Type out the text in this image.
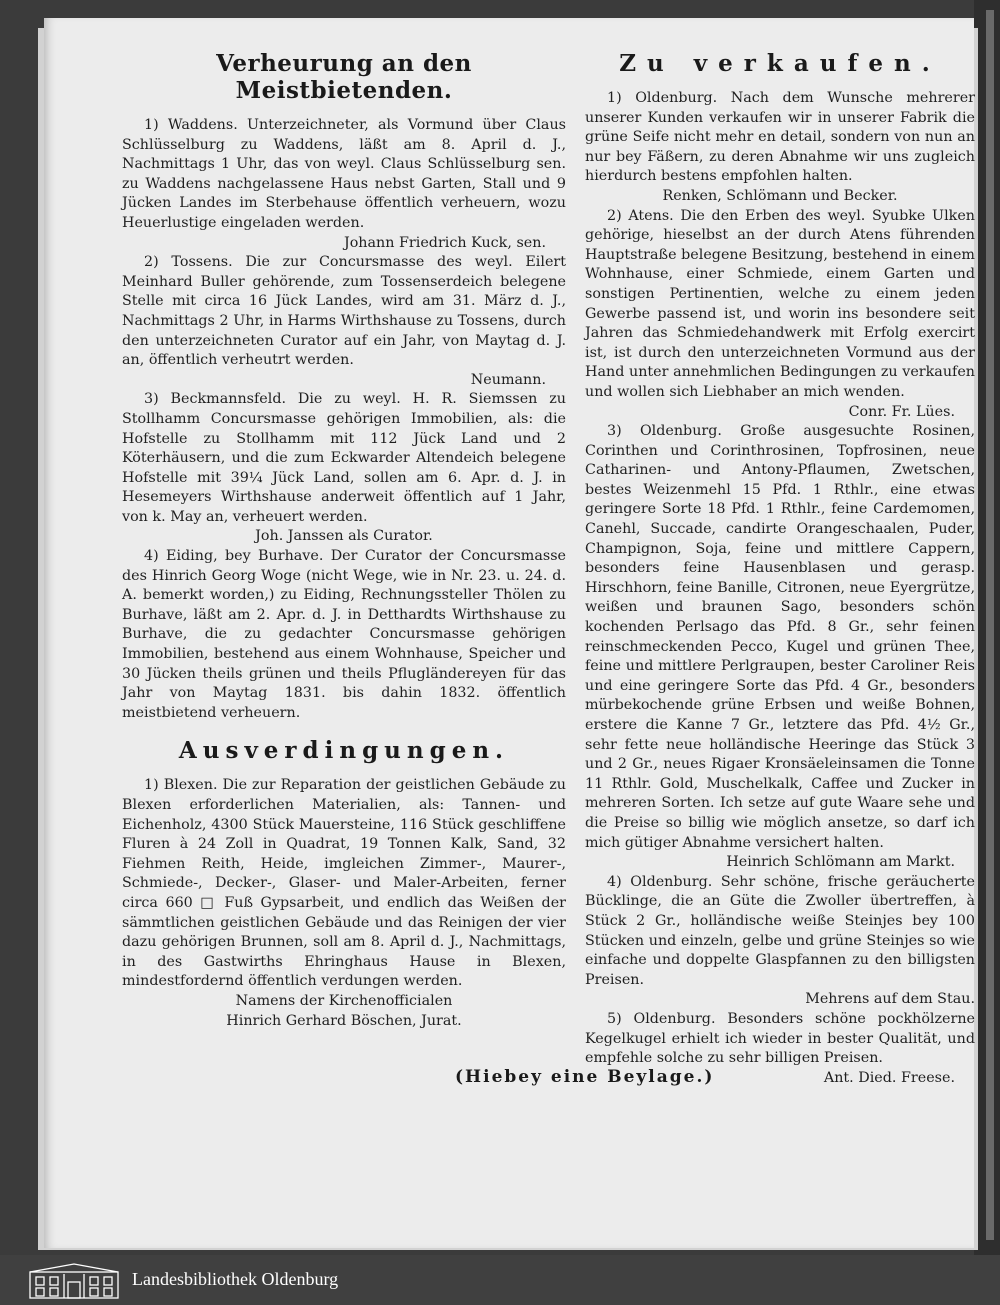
Verheurung an den Meistbietenden.

1) Waddens. Unterzeichneter, als Vormund über Claus Schlüsselburg zu Waddens, läßt am 8. April d. J., Nachmittags 1 Uhr, das von weyl. Claus Schlüsselburg sen. zu Waddens nachgelassene Haus nebst Garten, Stall und 9 Jücken Landes im Sterbehause öffentlich verheuern, wozu Heuerlustige eingeladen werden.

Johann Friedrich Kuck, sen.

2) Tossens. Die zur Concursmasse des weyl. Eilert Meinhard Buller gehörende, zum Tossenserdeich belegene Stelle mit circa 16 Jück Landes, wird am 31. März d. J., Nachmittags 2 Uhr, in Harms Wirthshause zu Tossens, durch den unterzeichneten Curator auf ein Jahr, von Maytag d. J. an, öffentlich verheutrt werden.

Neumann.

3) Beckmannsfeld. Die zu weyl. H. R. Siemssen zu Stollhamm Concursmasse gehörigen Immobilien, als: die Hofstelle zu Stollhamm mit 112 Jück Land und 2 Köterhäusern, und die zum Eckwarder Altendeich belegene Hofstelle mit 39¼ Jück Land, sollen am 6. Apr. d. J. in Hesemeyers Wirthshause anderweit öffentlich auf 1 Jahr, von k. May an, verheuert werden.

Joh. Janssen als Curator.

4) Eiding, bey Burhave. Der Curator der Concursmasse des Hinrich Georg Woge (nicht Wege, wie in Nr. 23. u. 24. d. A. bemerkt worden,) zu Eiding, Rechnungssteller Thölen zu Burhave, läßt am 2. Apr. d. J. in Detthardts Wirthshause zu Burhave, die zu gedachter Concursmasse gehörigen Immobilien, bestehend aus einem Wohnhause, Speicher und 30 Jücken theils grünen und theils Pflugländereyen für das Jahr von Maytag 1831. bis dahin 1832. öffentlich meistbietend verheuern.

Ausverdingungen.

1) Blexen. Die zur Reparation der geistlichen Gebäude zu Blexen erforderlichen Materialien, als: Tannen- und Eichenholz, 4300 Stück Mauersteine, 116 Stück geschliffene Fluren à 24 Zoll in Quadrat, 19 Tonnen Kalk, Sand, 32 Fiehmen Reith, Heide, imgleichen Zimmer-, Maurer-, Schmiede-, Decker-, Glaser- und Maler-Arbeiten, ferner circa 660 □ Fuß Gypsarbeit, und endlich das Weißen der sämmtlichen geistlichen Gebäude und das Reinigen der vier dazu gehörigen Brunnen, soll am 8. April d. J., Nachmittags, in des Gastwirths Ehringhaus Hause in Blexen, mindestfordernd öffentlich verdungen werden.

Namens der Kirchenofficialen
Hinrich Gerhard Böschen, Jurat.
Zu verkaufen.

1) Oldenburg. Nach dem Wunsche mehrerer unserer Kunden verkaufen wir in unserer Fabrik die grüne Seife nicht mehr en detail, sondern von nun an nur bey Fäßern, zu deren Abnahme wir uns zugleich hierdurch bestens empfohlen halten.

Renken, Schlömann und Becker.

2) Atens. Die den Erben des weyl. Syubke Ulken gehörige, hieselbst an der durch Atens führenden Hauptstraße belegene Besitzung, bestehend in einem Wohnhause, einer Schmiede, einem Garten und sonstigen Pertinentien, welche zu einem jeden Gewerbe passend ist, und worin ins besondere seit Jahren das Schmiedehandwerk mit Erfolg exercirt ist, ist durch den unterzeichneten Vormund aus der Hand unter annehmlichen Bedingungen zu verkaufen und wollen sich Liebhaber an mich wenden.

Conr. Fr. Lües.

3) Oldenburg. Große ausgesuchte Rosinen, Corinthen und Corinthrosinen, Topfrosinen, neue Catharinen- und Antony-Pflaumen, Zwetschen, bestes Weizenmehl 15 Pfd. 1 Rthlr., eine etwas geringere Sorte 18 Pfd. 1 Rthlr., feine Cardemomen, Canehl, Succade, candirte Orangeschaalen, Puder, Champignon, Soja, feine und mittlere Cappern, besonders feine Hausenblasen und gerasp. Hirschhorn, feine Banille, Citronen, neue Eyergrütze, weißen und braunen Sago, besonders schön kochenden Perlsago das Pfd. 8 Gr., sehr feinen reinschmeckenden Pecco, Kugel und grünen Thee, feine und mittlere Perlgraupen, bester Caroliner Reis und eine geringere Sorte das Pfd. 4 Gr., besonders mürbekochende grüne Erbsen und weiße Bohnen, erstere die Kanne 7 Gr., letztere das Pfd. 4½ Gr., sehr fette neue holländische Heeringe das Stück 3 und 2 Gr., neues Rigaer Kronsäeleinsamen die Tonne 11 Rthlr. Gold, Muschelkalk, Caffee und Zucker in mehreren Sorten. Ich setze auf gute Waare sehe und die Preise so billig wie möglich ansetze, so darf ich mich gütiger Abnahme versichert halten.

Heinrich Schlömann am Markt.

4) Oldenburg. Sehr schöne, frische geräucherte Bücklinge, die an Güte die Zwoller übertreffen, à Stück 2 Gr., holländische weiße Steinjes bey 100 Stücken und einzeln, gelbe und grüne Steinjes so wie einfache und doppelte Glaspfannen zu den billigsten Preisen.

Mehrens auf dem Stau.

5) Oldenburg. Besonders schöne pockhölzerne Kegelkugel erhielt ich wieder in bester Qualität, und empfehle solche zu sehr billigen Preisen.

Ant. Died. Freese.
(Hiebey eine Beylage.)
Landesbibliothek Oldenburg
